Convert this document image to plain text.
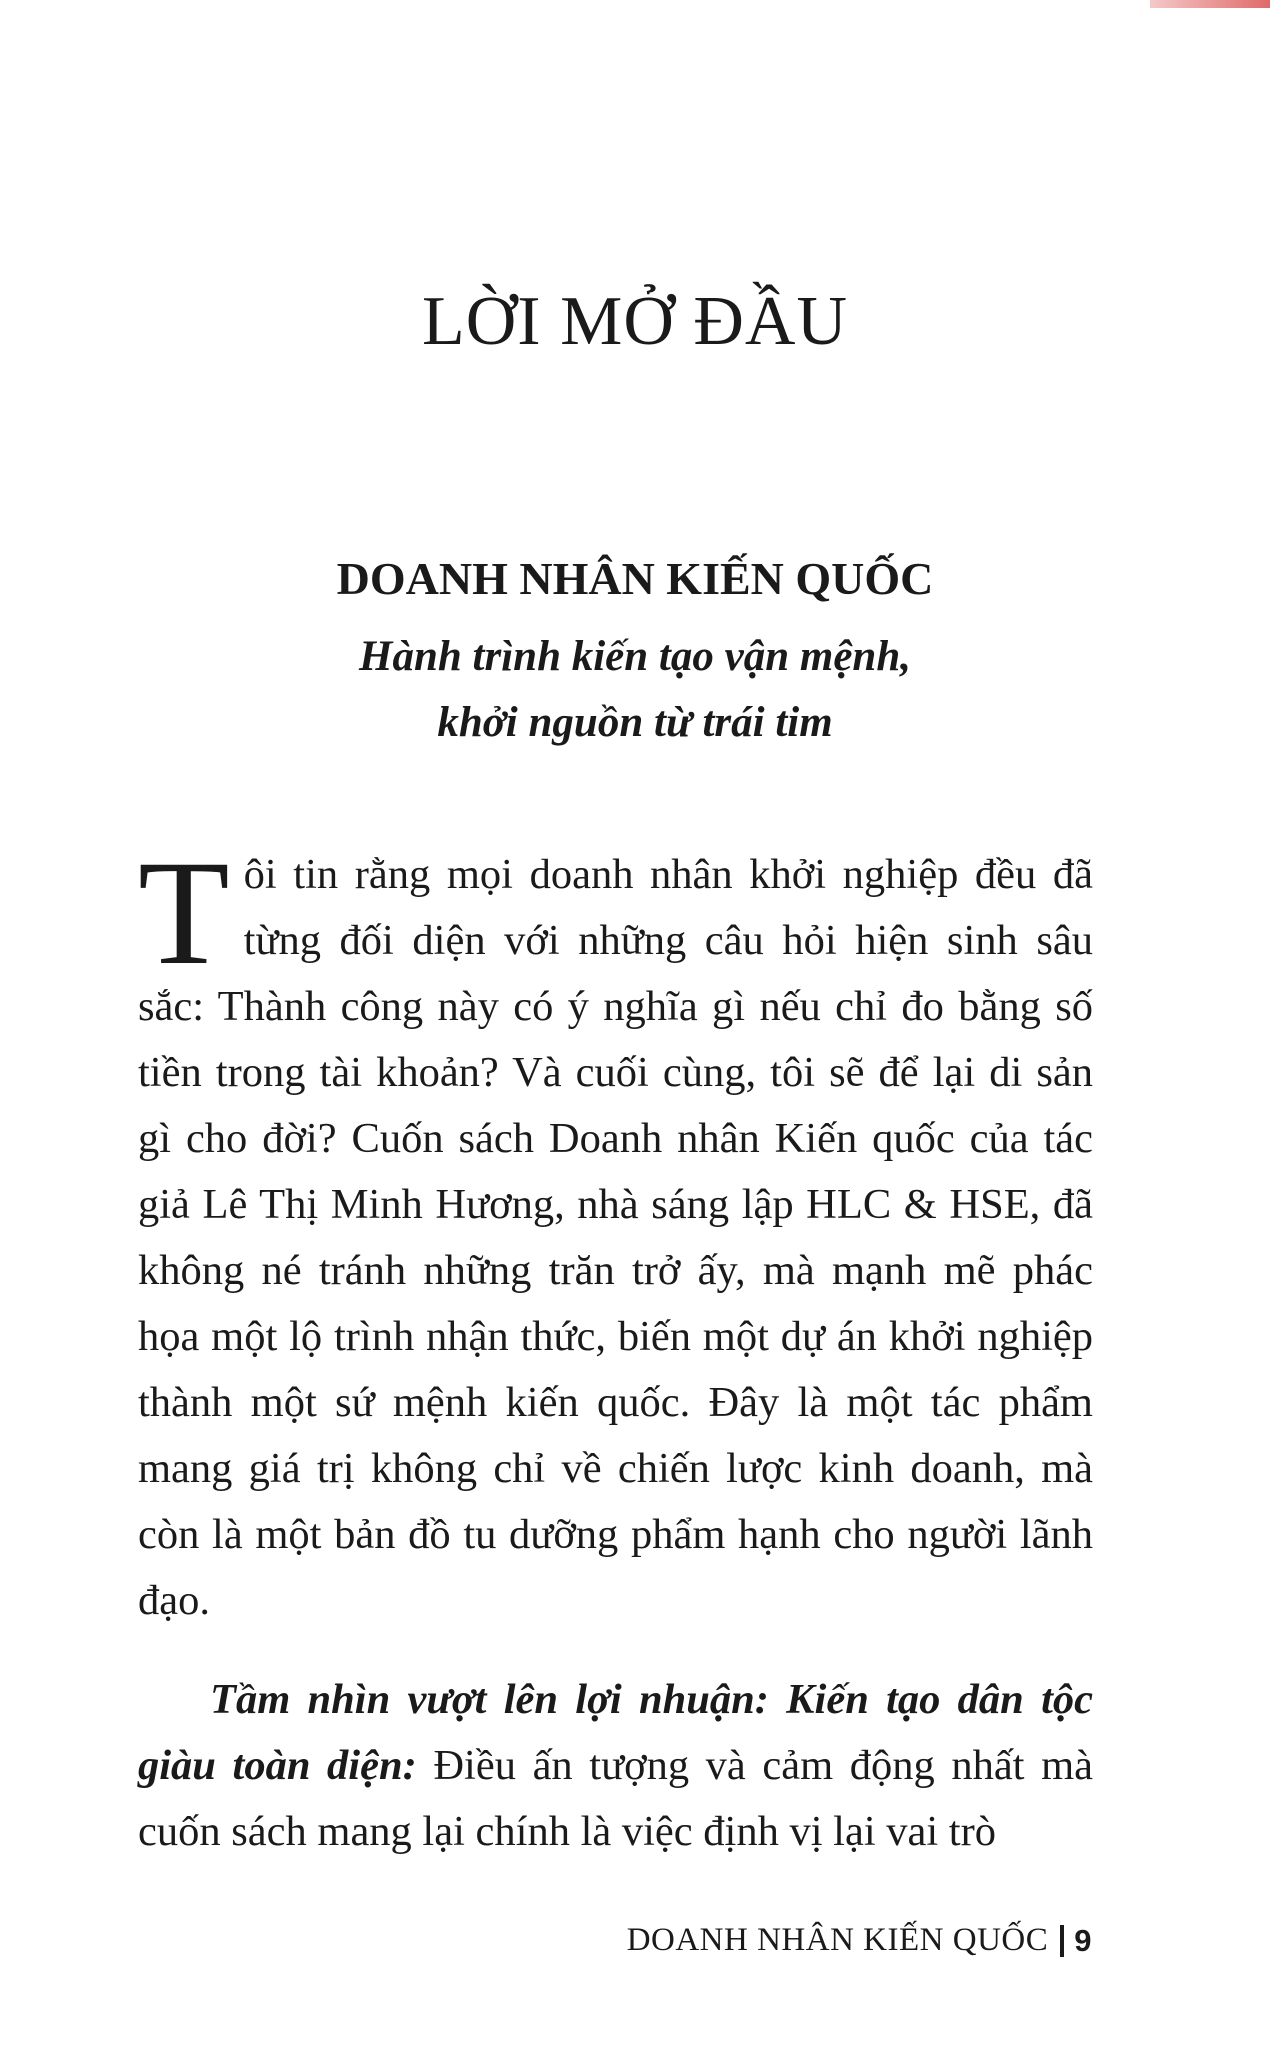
LỜI MỞ ĐẦU
DOANH NHÂN KIẾN QUỐC
Hành trình kiến tạo vận mệnh,
khởi nguồn từ trái tim

Tôi tin rằng mọi doanh nhân khởi nghiệp đều đã từng đối diện với những câu hỏi hiện sinh sâu sắc: Thành công này có ý nghĩa gì nếu chỉ đo bằng số tiền trong tài khoản? Và cuối cùng, tôi sẽ để lại di sản gì cho đời? Cuốn sách Doanh nhân Kiến quốc của tác giả Lê Thị Minh Hương, nhà sáng lập HLC & HSE, đã không né tránh những trăn trở ấy, mà mạnh mẽ phác họa một lộ trình nhận thức, biến một dự án khởi nghiệp thành một sứ mệnh kiến quốc. Đây là một tác phẩm mang giá trị không chỉ về chiến lược kinh doanh, mà còn là một bản đồ tu dưỡng phẩm hạnh cho người lãnh đạo.

Tầm nhìn vượt lên lợi nhuận: Kiến tạo dân tộc giàu toàn diện: Điều ấn tượng và cảm động nhất mà cuốn sách mang lại chính là việc định vị lại vai trò

DOANH NHÂN KIẾN QUỐC 9
